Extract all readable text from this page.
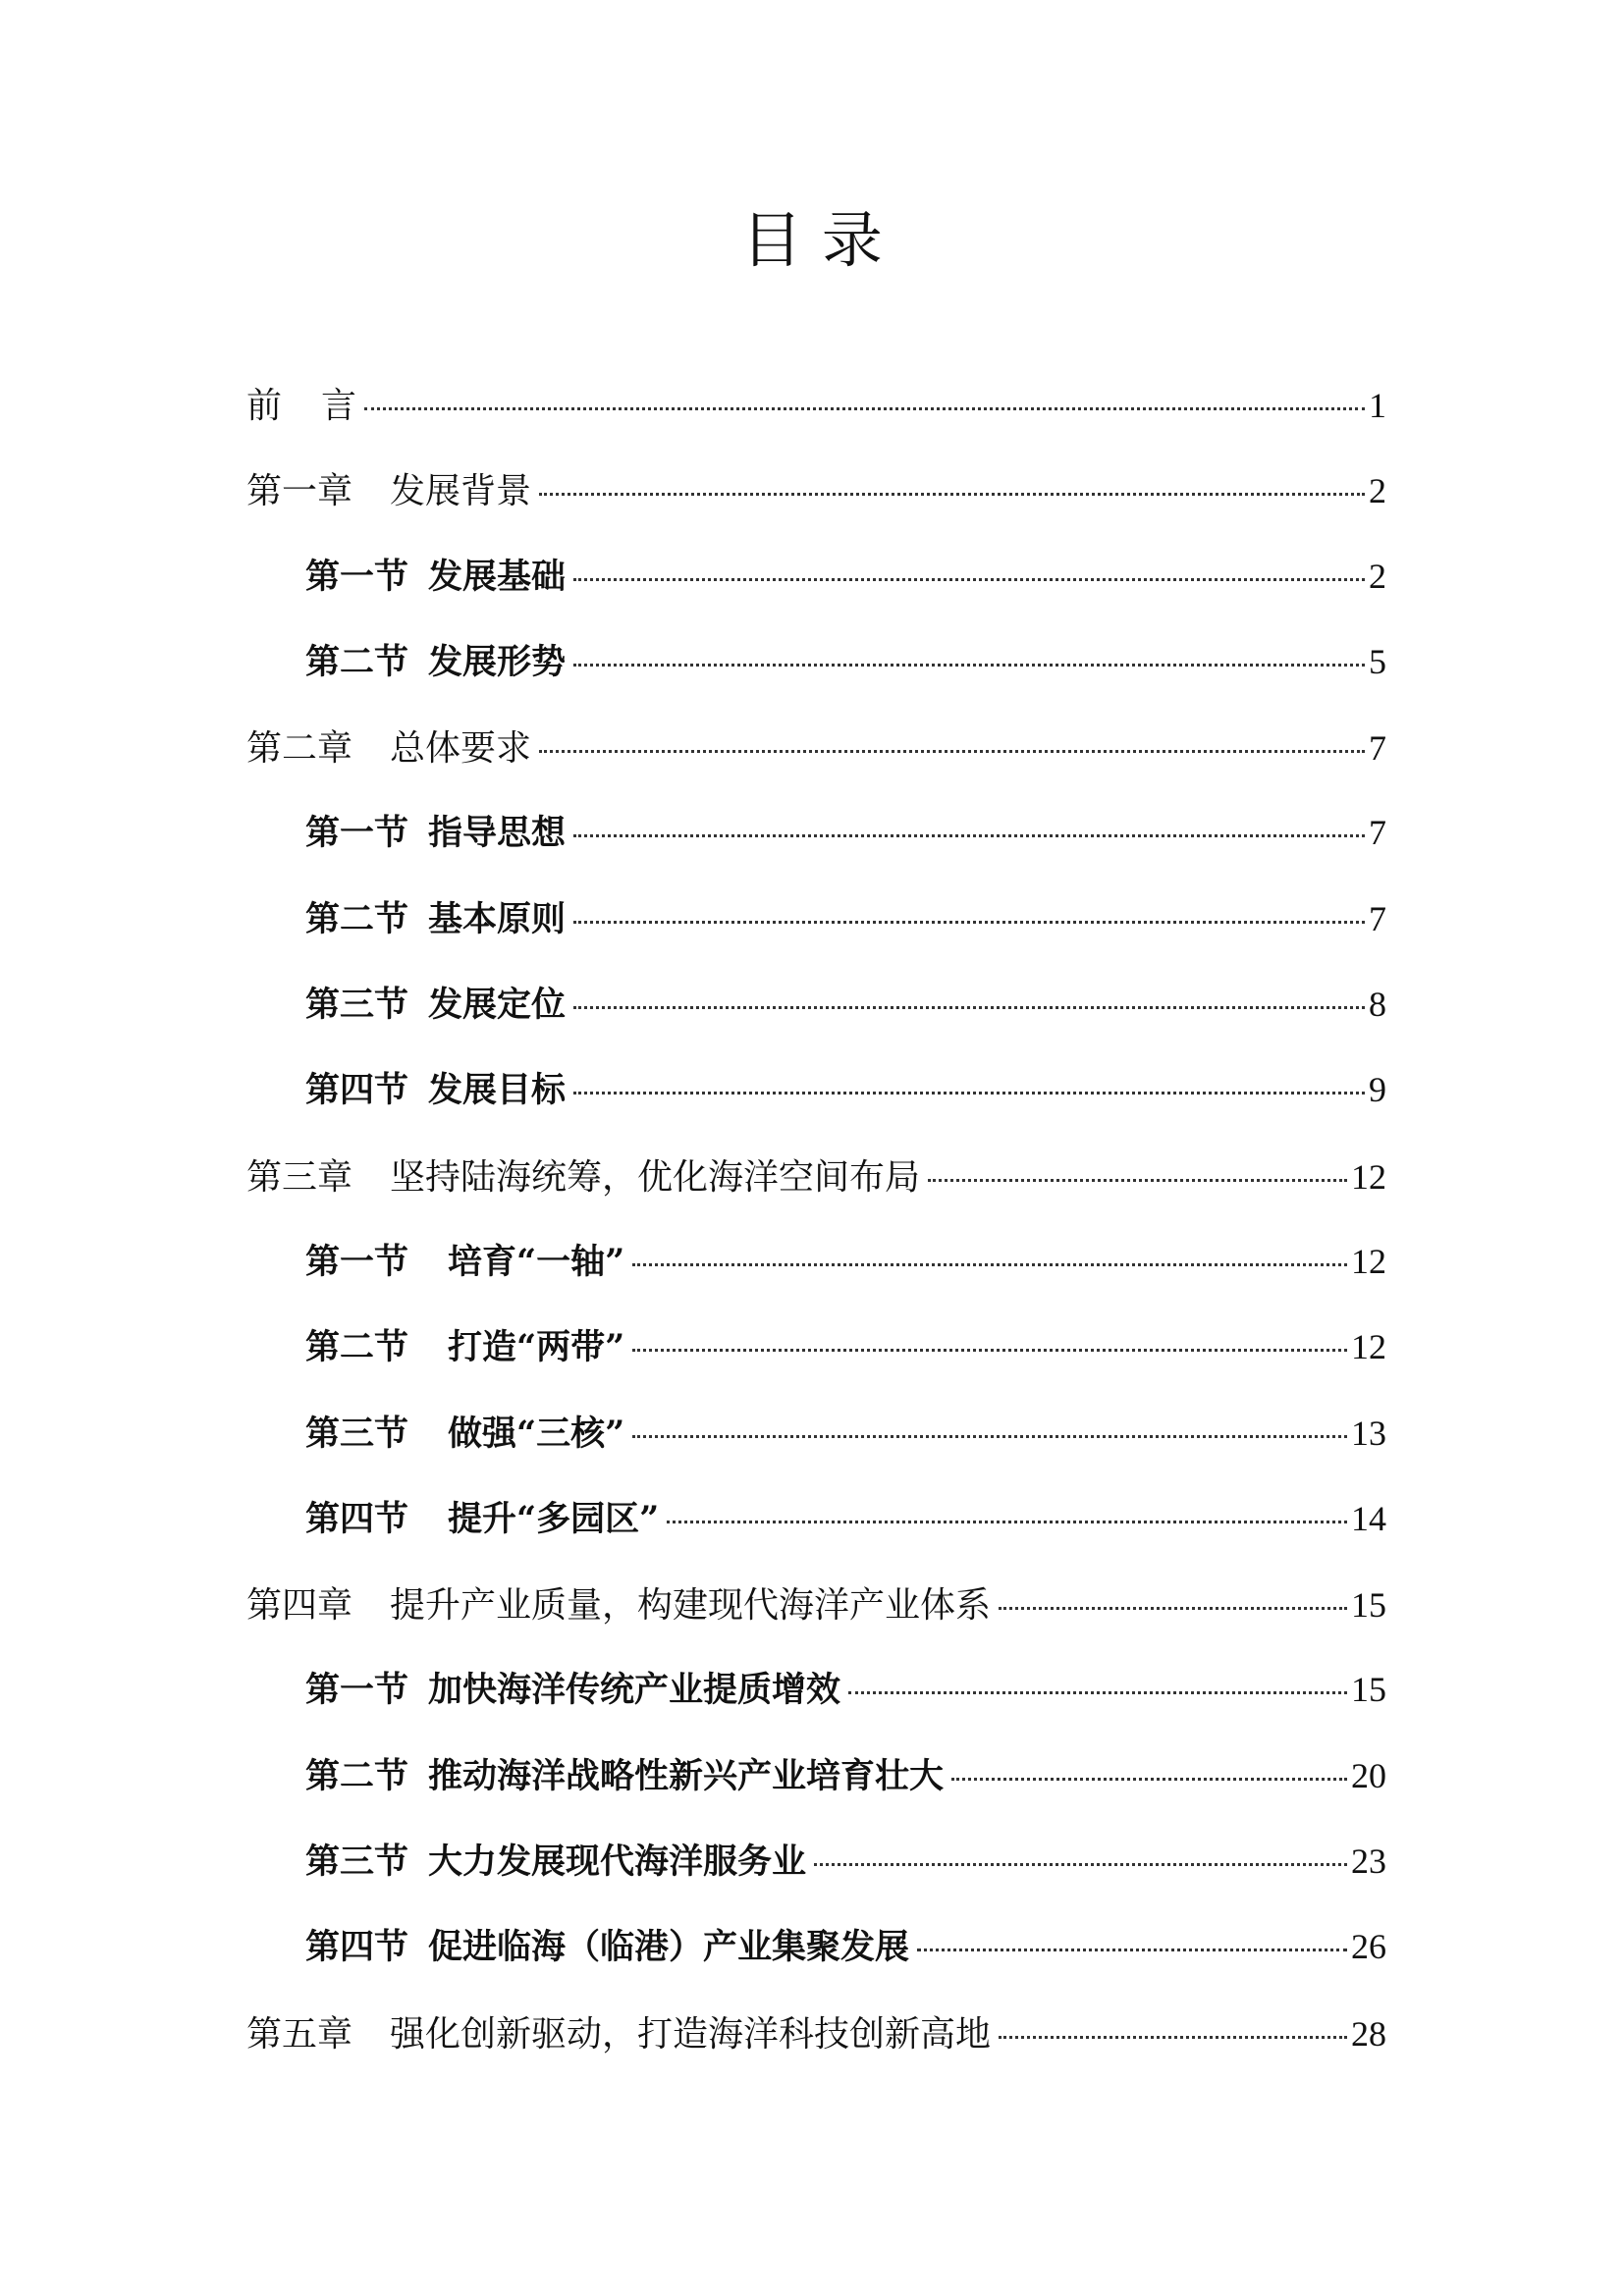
目 录
前言	1
第一章 发展背景	2
第一节 发展基础	2
第二节 发展形势	5
第二章 总体要求	7
第一节 指导思想	7
第二节 基本原则	7
第三节 发展定位	8
第四节 发展目标	9
第三章 坚持陆海统筹，优化海洋空间布局	12
第一节 培育“一轴”	12
第二节 打造“两带”	12
第三节 做强“三核”	13
第四节 提升“多园区”	14
第四章 提升产业质量，构建现代海洋产业体系	15
第一节 加快海洋传统产业提质增效	15
第二节 推动海洋战略性新兴产业培育壮大	20
第三节 大力发展现代海洋服务业	23
第四节 促进临海（临港）产业集聚发展	26
第五章 强化创新驱动，打造海洋科技创新高地	28
